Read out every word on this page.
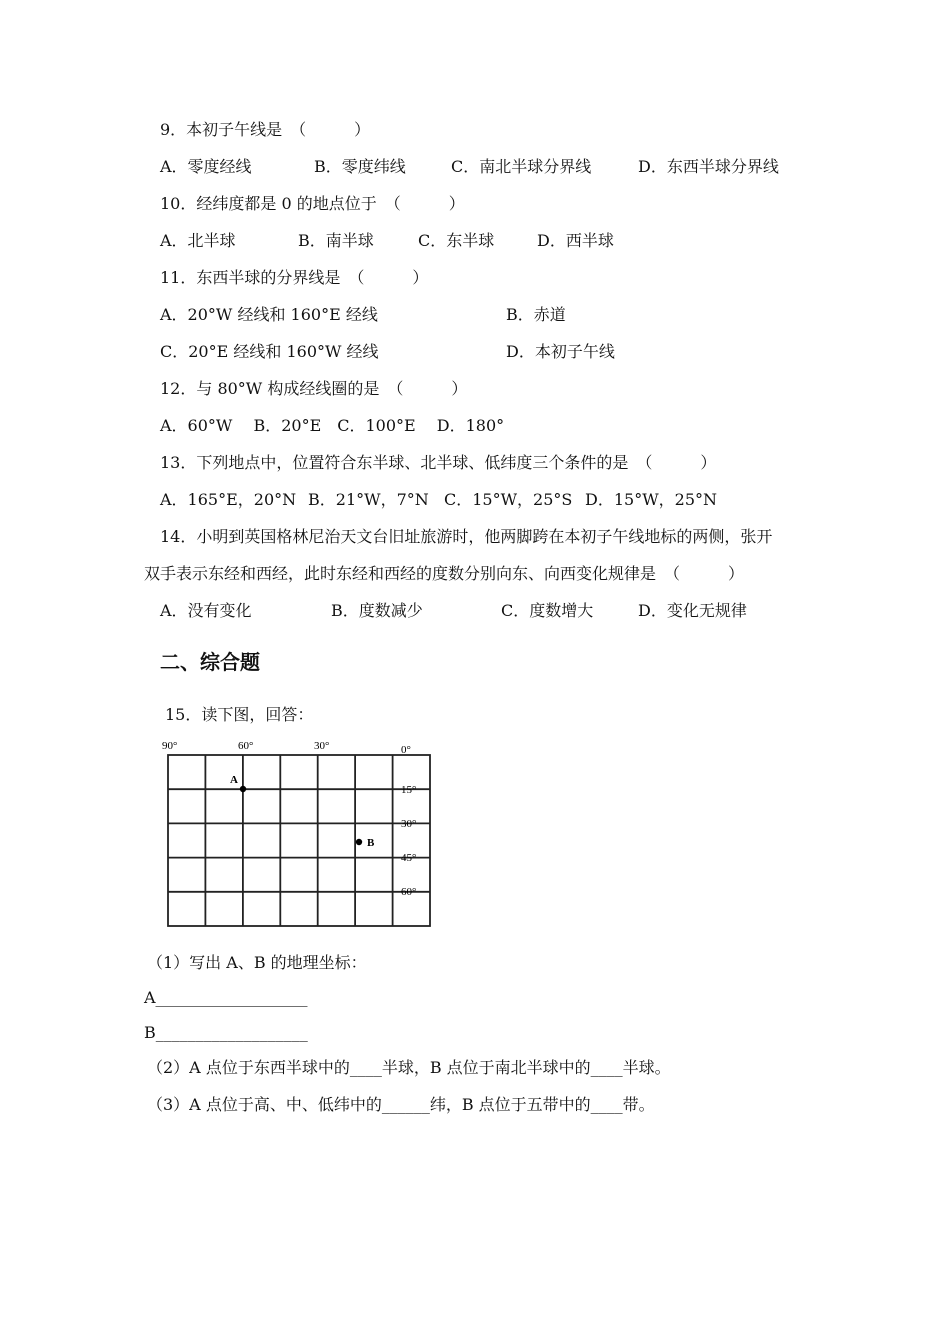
9．本初子午线是　（　　　）
A．零度经线	B．零度纬线	C．南北半球分界线	D．东西半球分界线
10．经纬度都是 0 的地点位于　（　　　）
A．北半球	B．南半球	C．东半球	D．西半球
11．东西半球的分界线是　（　　　）
A．20°W 经线和 160°E 经线	B．赤道
C．20°E 经线和 160°W 经线	D．本初子午线
12．与 80°W 构成经线圈的是　（　　　）
A．60°W　 B．20°E　C．100°E　 D．180°
13．下列地点中，位置符合东半球、北半球、低纬度三个条件的是　（　　　）
A．165°E，20°N B．21°W，7°N C．15°W，25°S D．15°W，25°N
14．小明到英国格林尼治天文台旧址旅游时，他两脚跨在本初子午线地标的两侧，张开
双手表示东经和西经，此时东经和西经的度数分别向东、向西变化规律是　（　　　）
A．没有变化	B．度数减少	C．度数增大	D．变化无规律
二、综合题
15．读下图，回答：
90°	60°	30°	0°
15°
30°
45°
60°
A
B
（1）写出 A、B 的地理坐标：
A___________________
B___________________
（2）A 点位于东西半球中的____半球，B 点位于南北半球中的____半球。
（3）A 点位于高、中、低纬中的______纬，B 点位于五带中的____带。
